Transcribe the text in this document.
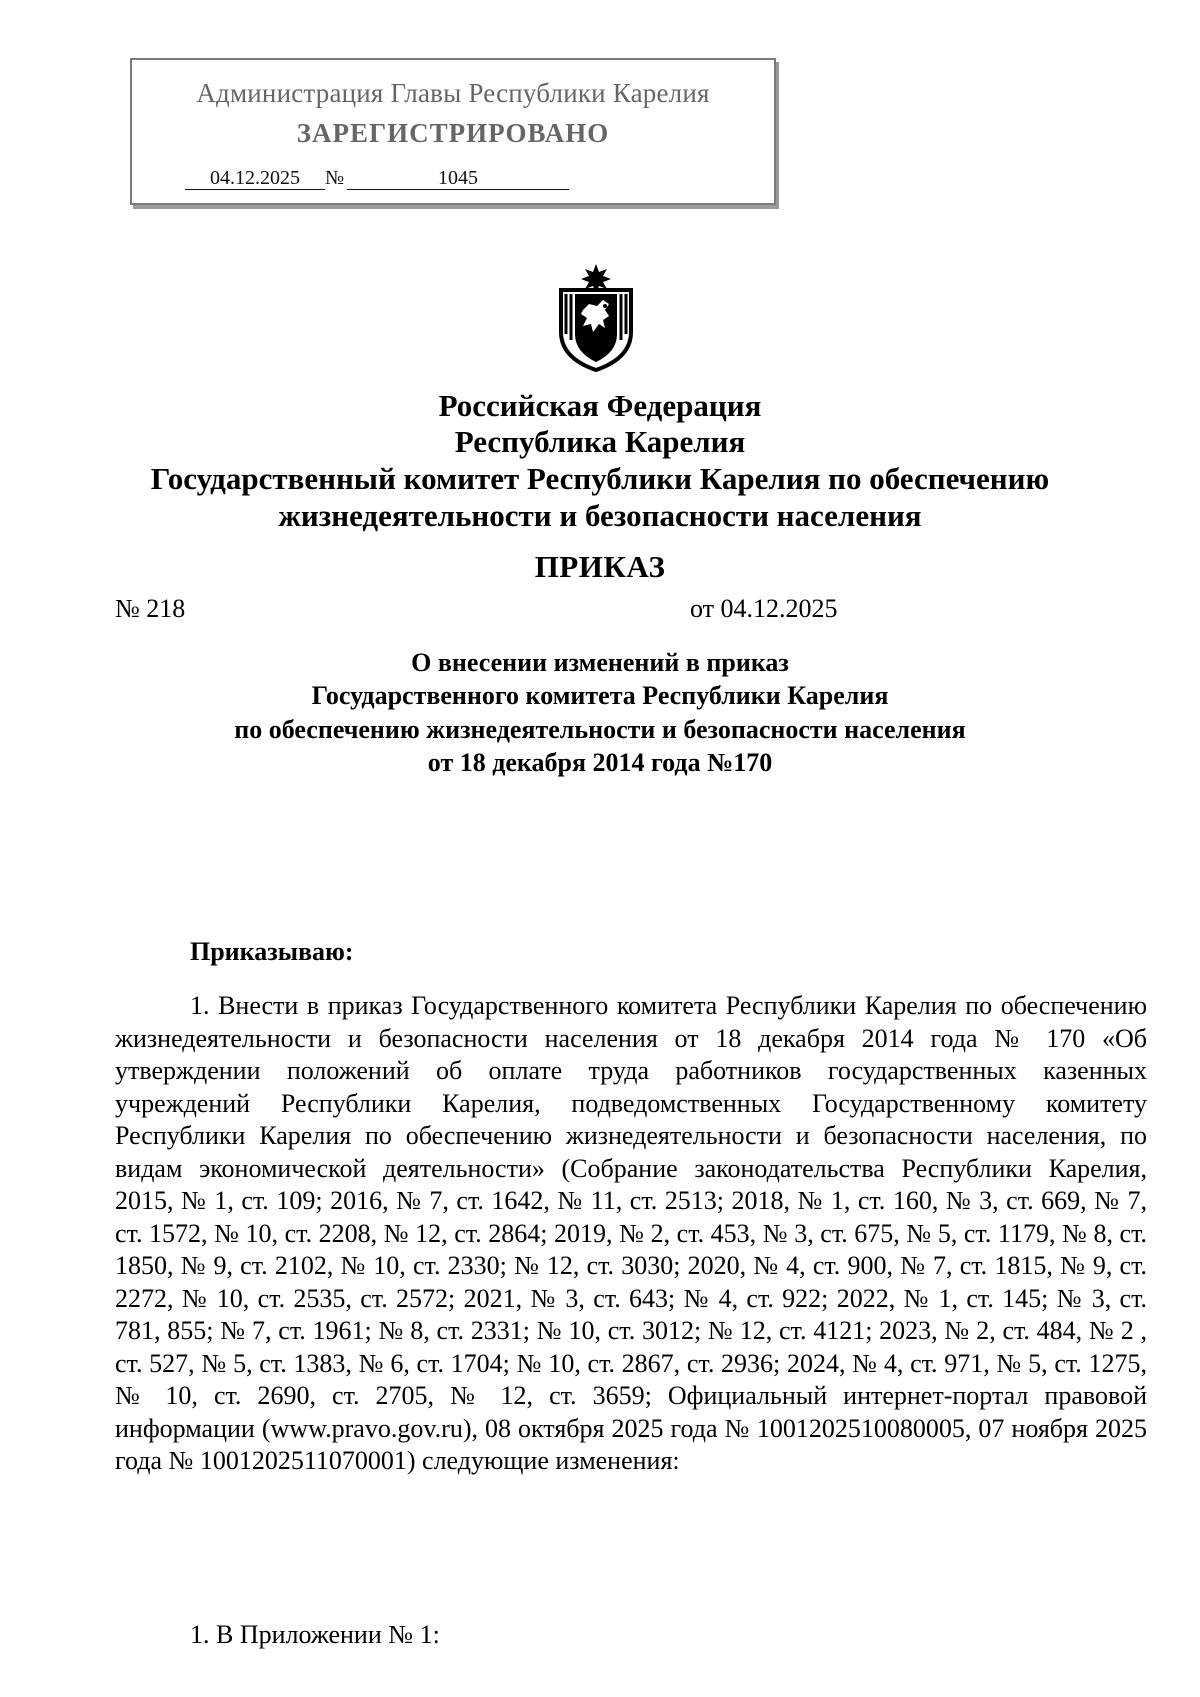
Администрация Главы Республики Карелия
ЗАРЕГИСТРИРОВАНО
04.12.2025 №	1045
Российская Федерация
Республика Карелия
Государственный комитет Республики Карелия по обеспечению
жизнедеятельности и безопасности населения
ПРИКАЗ
№ 218	от 04.12.2025
О внесении изменений в приказ
Государственного комитета Республики Карелия
по обеспечению жизнедеятельности и безопасности населения
от 18 декабря 2014 года №170
Приказываю:

1. Внести в приказ Государственного комитета Республики Карелия по обеспечению жизнедеятельности и безопасности населения от 18 декабря 2014 года № 170 «Об утверждении положений об оплате труда работников государственных казенных учреждений Республики Карелия, подведомственных Государственному комитету Республики Карелия по обеспечению жизнедеятельности и безопасности населения, по видам экономической деятельности» (Собрание законодательства Республики Карелия, 2015, № 1, ст. 109; 2016, № 7, ст. 1642, № 11, ст. 2513; 2018, № 1, ст. 160, № 3, ст. 669, № 7, ст. 1572, № 10, ст. 2208, № 12, ст. 2864; 2019, № 2, ст. 453, № 3, ст. 675, № 5, ст. 1179, № 8, ст. 1850, № 9, ст. 2102, № 10, ст. 2330; № 12, ст. 3030; 2020, № 4, ст. 900, № 7, ст. 1815, № 9, ст. 2272, № 10, ст. 2535, ст. 2572; 2021, № 3, ст. 643; № 4, ст. 922; 2022, № 1, ст. 145; № 3, ст. 781, 855; № 7, ст. 1961; № 8, ст. 2331; № 10, ст. 3012; № 12, ст. 4121; 2023, № 2, ст. 484, № 2 , ст. 527, № 5, ст. 1383, № 6, ст. 1704; № 10, ст. 2867, ст. 2936; 2024, № 4, ст. 971, № 5, ст. 1275, № 10, ст. 2690, ст. 2705, № 12, ст. 3659; Официальный интернет-портал правовой информации (www.pravo.gov.ru), 08 октября 2025 года № 1001202510080005, 07 ноября 2025 года № 1001202511070001) следующие изменения:

1. В Приложении № 1:
